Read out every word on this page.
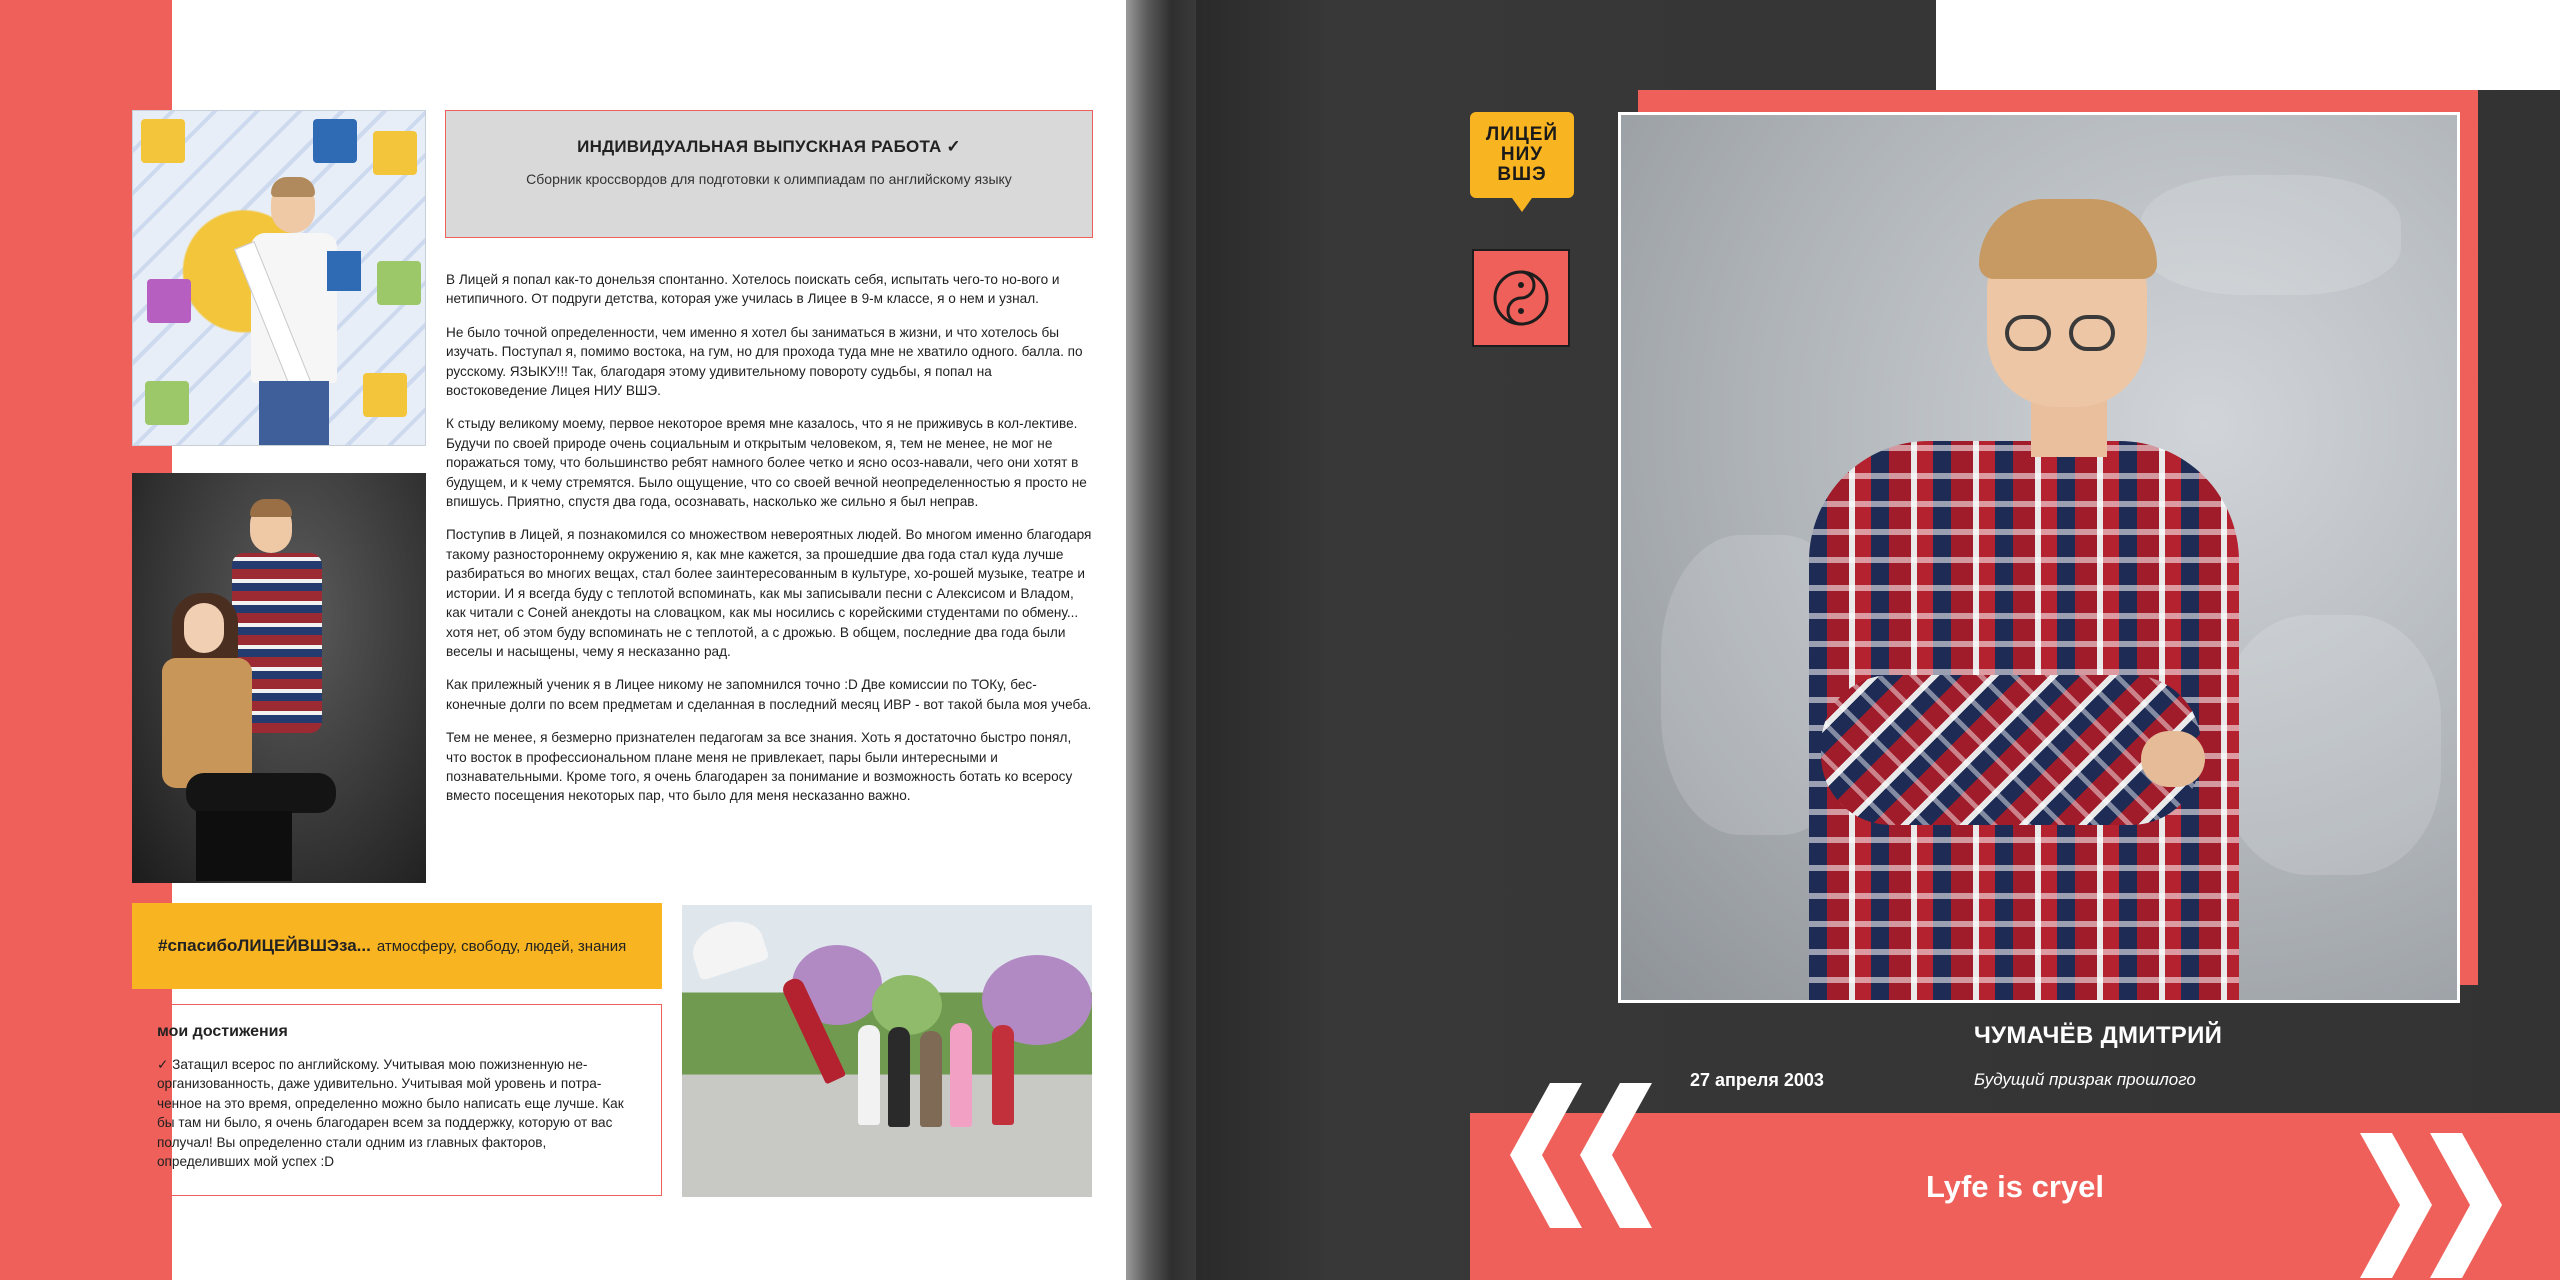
ИНДИВИДУАЛЬНАЯ ВЫПУСКНАЯ РАБОТА ✓
Сборник кроссвордов для подготовки к олимпиадам по английскому языку

В Лицей я попал как-то донельзя спонтанно. Хотелось поискать себя, испытать чего-то но-вого и нетипичного. От подруги детства, которая уже училась в Лицее в 9-м классе, я о нем и узнал.

Не было точной определенности, чем именно я хотел бы заниматься в жизни, и что хотелось бы изучать. Поступал я, помимо востока, на гум, но для прохода туда мне не хватило одного. балла. по русскому. ЯЗЫКУ!!! Так, благодаря этому удивительному повороту судьбы, я попал на востоковедение Лицея НИУ ВШЭ.

К стыду великому моему, первое некоторое время мне казалось, что я не приживусь в кол-лективе. Будучи по своей природе очень социальным и открытым человеком, я, тем не менее, не мог не поражаться тому, что большинство ребят намного более четко и ясно осоз-навали, чего они хотят в будущем, и к чему стремятся. Было ощущение, что со своей вечной неопределенностью я просто не впишусь. Приятно, спустя два года, осознавать, насколько же сильно я был неправ.

Поступив в Лицей, я познакомился со множеством невероятных людей. Во многом именно благодаря такому разностороннему окружению я, как мне кажется, за прошедшие два года стал куда лучше разбираться во многих вещах, стал более заинтересованным в культуре, хо-рошей музыке, театре и истории. И я всегда буду с теплотой вспоминать, как мы записывали песни с Алексисом и Владом, как читали с Соней анекдоты на словацком, как мы носились с корейскими студентами по обмену... хотя нет, об этом буду вспоминать не с теплотой, а с дрожью. В общем, последние два года были веселы и насыщены, чему я несказанно рад.

Как прилежный ученик я в Лицее никому не запомнился точно :D Две комиссии по ТОКу, бес-конечные долги по всем предметам и сделанная в последний месяц ИВР - вот такой была моя учеба.

Тем не менее, я безмерно признателен педагогам за все знания. Хоть я достаточно быстро понял, что восток в профессиональном плане меня не привлекает, пары были интересными и познавательными. Кроме того, я очень благодарен за понимание и возможность ботать ко всеросу вместо посещения некоторых пар, что было для меня несказанно важно.

#спасибоЛИЦЕЙВШЭза... атмосферу, свободу, людей, знания
мои достижения
✓ Затащил всерос по английскому. Учитывая мою пожизненную не-организованность, даже удивительно. Учитывая мой уровень и потра-ченное на это время, определенно можно было написать еще лучше. Как бы там ни было, я очень благодарен всем за поддержку, которую от вас получал! Вы определенно стали одним из главных факторов, определивших мой успех :D
ЛИЦЕЙ
НИУ
ВШЭ
ЧУМАЧЁВ ДМИТРИЙ
Будущий призрак прошлого
27 апреля 2003
Lyfe is cryel
